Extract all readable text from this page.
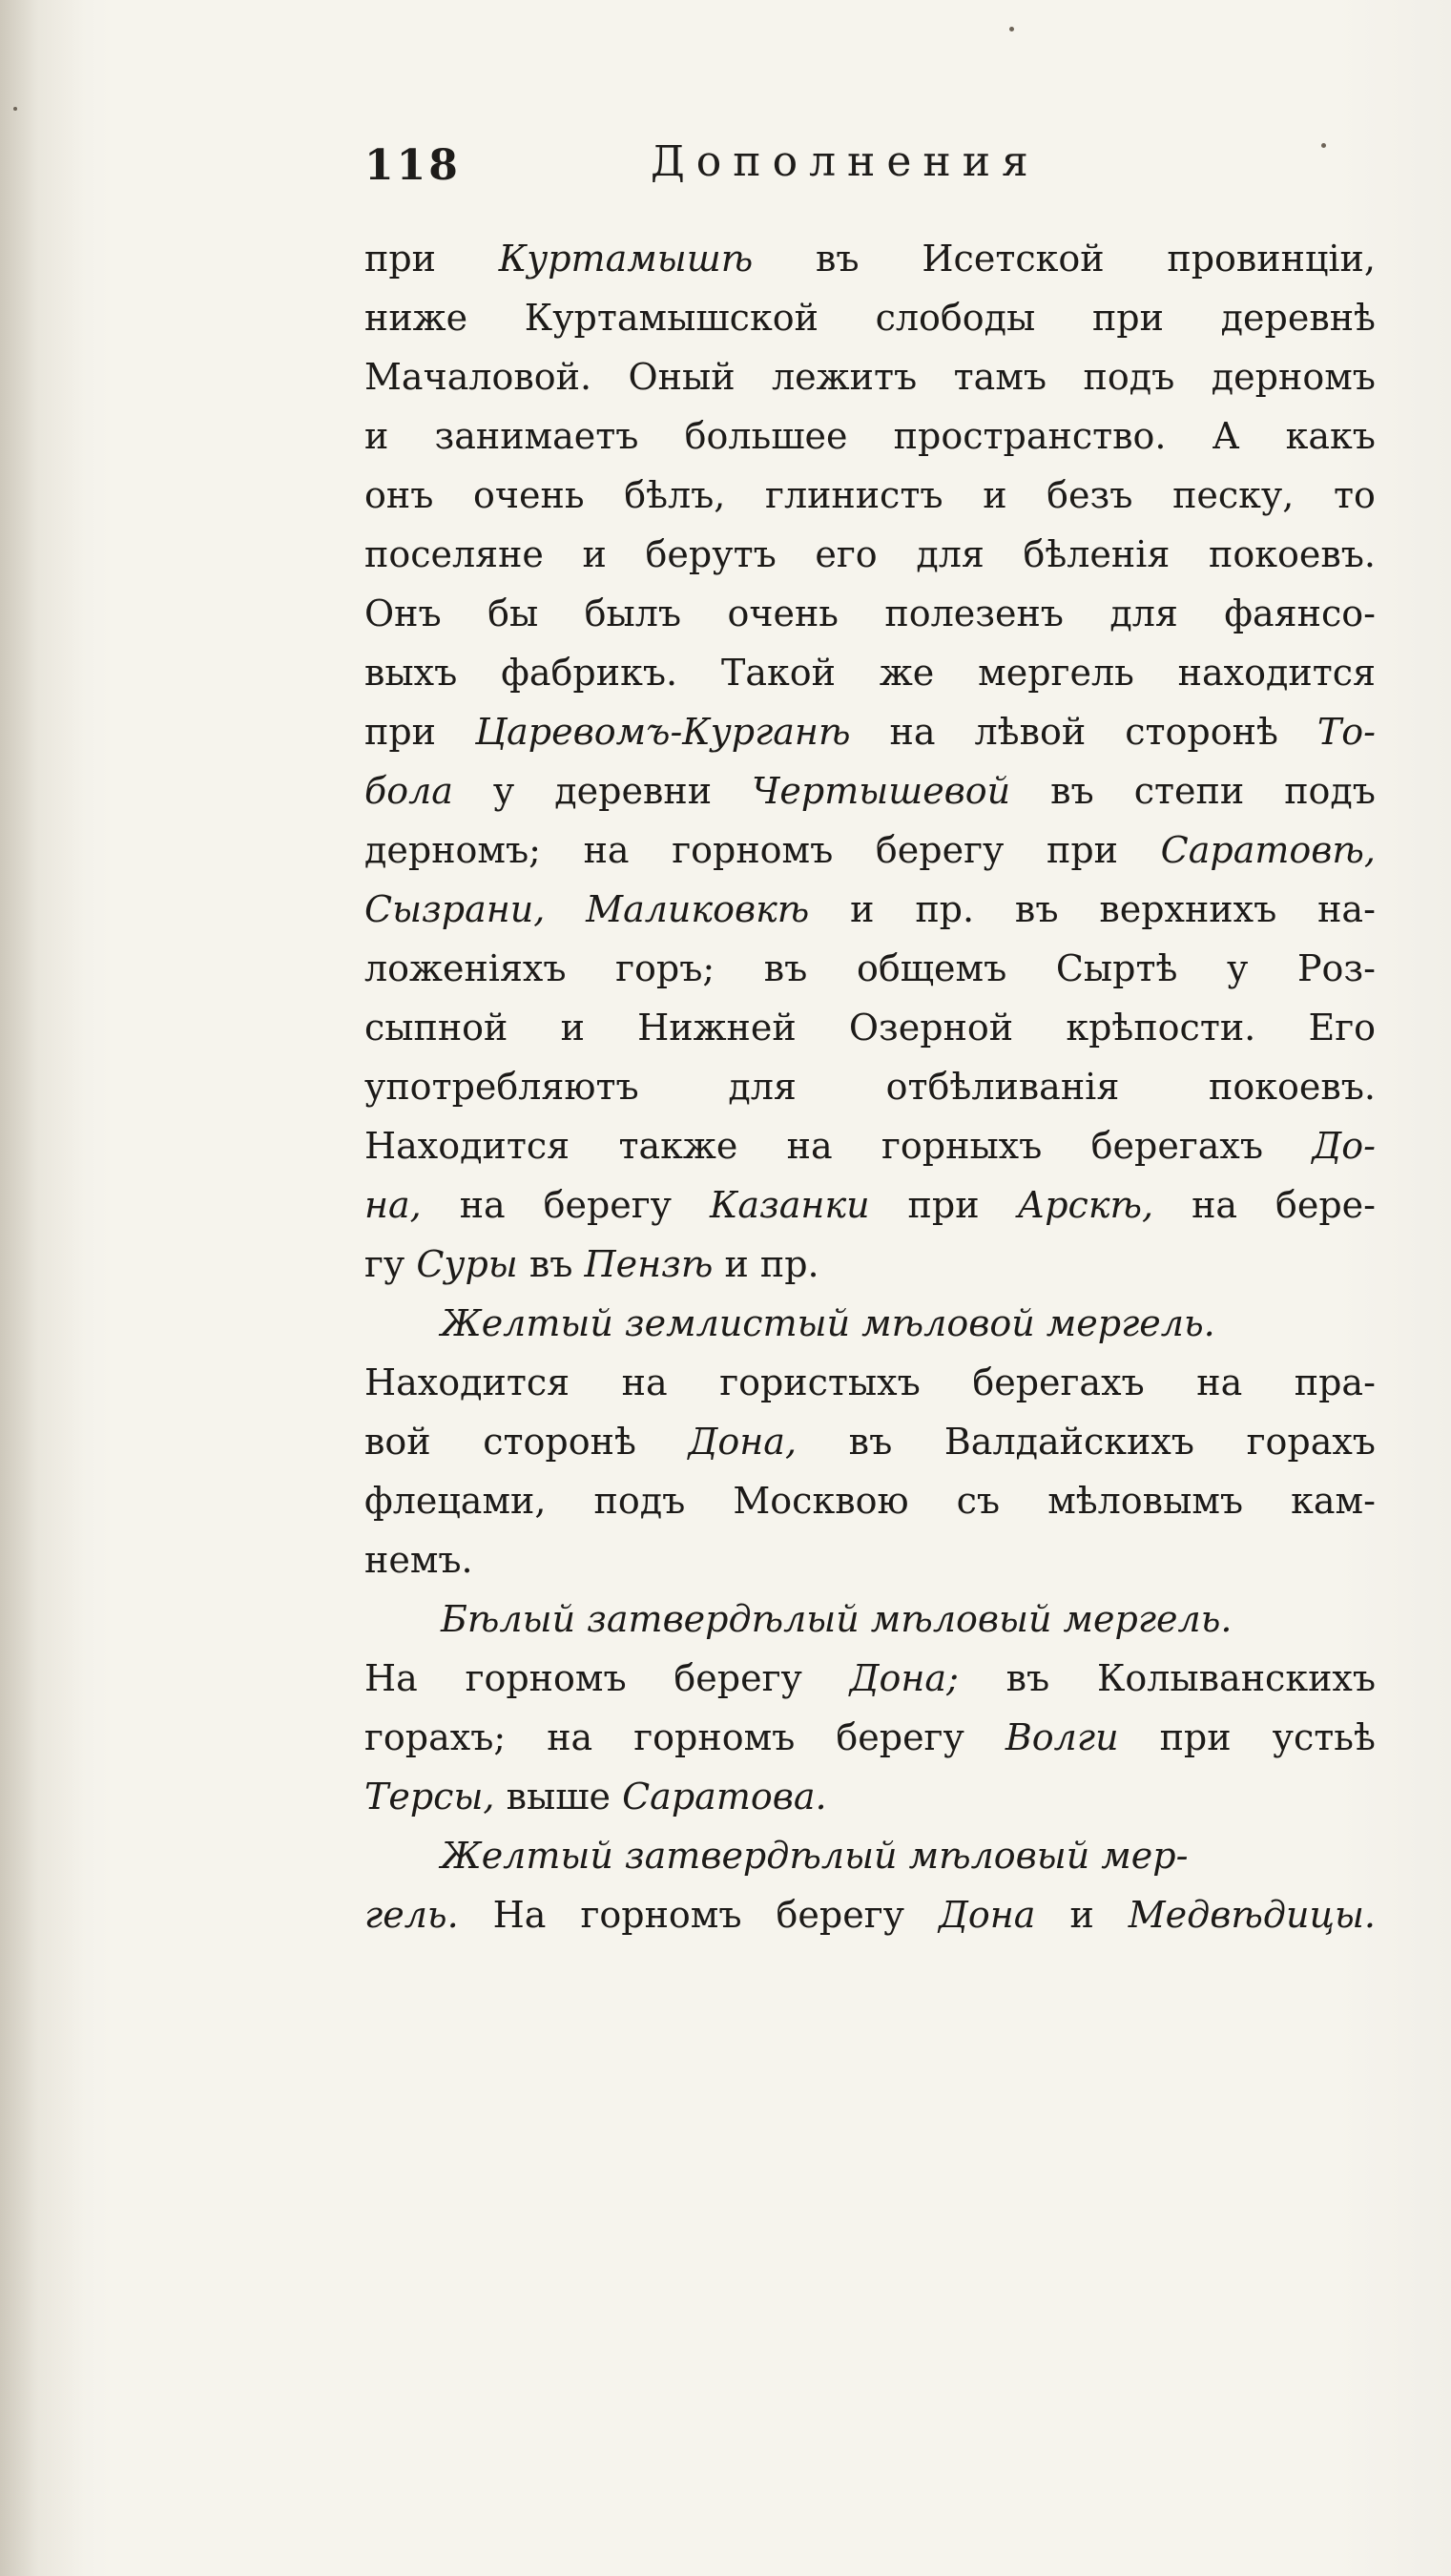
118	Дополнения
при Куртамышѣ въ Исетской провинціи,
ниже Куртамышской слободы при деревнѣ
Мачаловой. Оный лежитъ тамъ подъ дерномъ
и занимаетъ большее пространство. А какъ
онъ очень бѣлъ, глинистъ и безъ песку, то
поселяне и берутъ его для бѣленія покоевъ.
Онъ бы былъ очень полезенъ для фаянсо-
выхъ фабрикъ. Такой же мергель находится
при Царевомъ-Курганѣ на лѣвой сторонѣ То-
бола у деревни Чертышевой въ степи подъ
дерномъ; на горномъ берегу при Саратовѣ,
Сызрани, Маликовкѣ и пр. въ верхнихъ на-
ложеніяхъ горъ; въ общемъ Сыртѣ у Роз-
сыпной и Нижней Озерной крѣпости. Его
употребляютъ для отбѣливанія покоевъ.
Находится также на горныхъ берегахъ До-
на, на берегу Казанки при Арскѣ, на бере-
гу Суры въ Пензѣ и пр.
Желтый землистый мѣловой мергель.
Находится на гористыхъ берегахъ на пра-
вой сторонѣ Дона, въ Валдайскихъ горахъ
флецами, подъ Москвою съ мѣловымъ кам-
немъ.
Бѣлый затвердѣлый мѣловый мергель.
На горномъ берегу Дона; въ Колыванскихъ
горахъ; на горномъ берегу Волги при устьѣ
Терсы, выше Саратова.
Желтый затвердѣлый мѣловый мер-
гель. На горномъ берегу Дона и Медвѣдицы.
